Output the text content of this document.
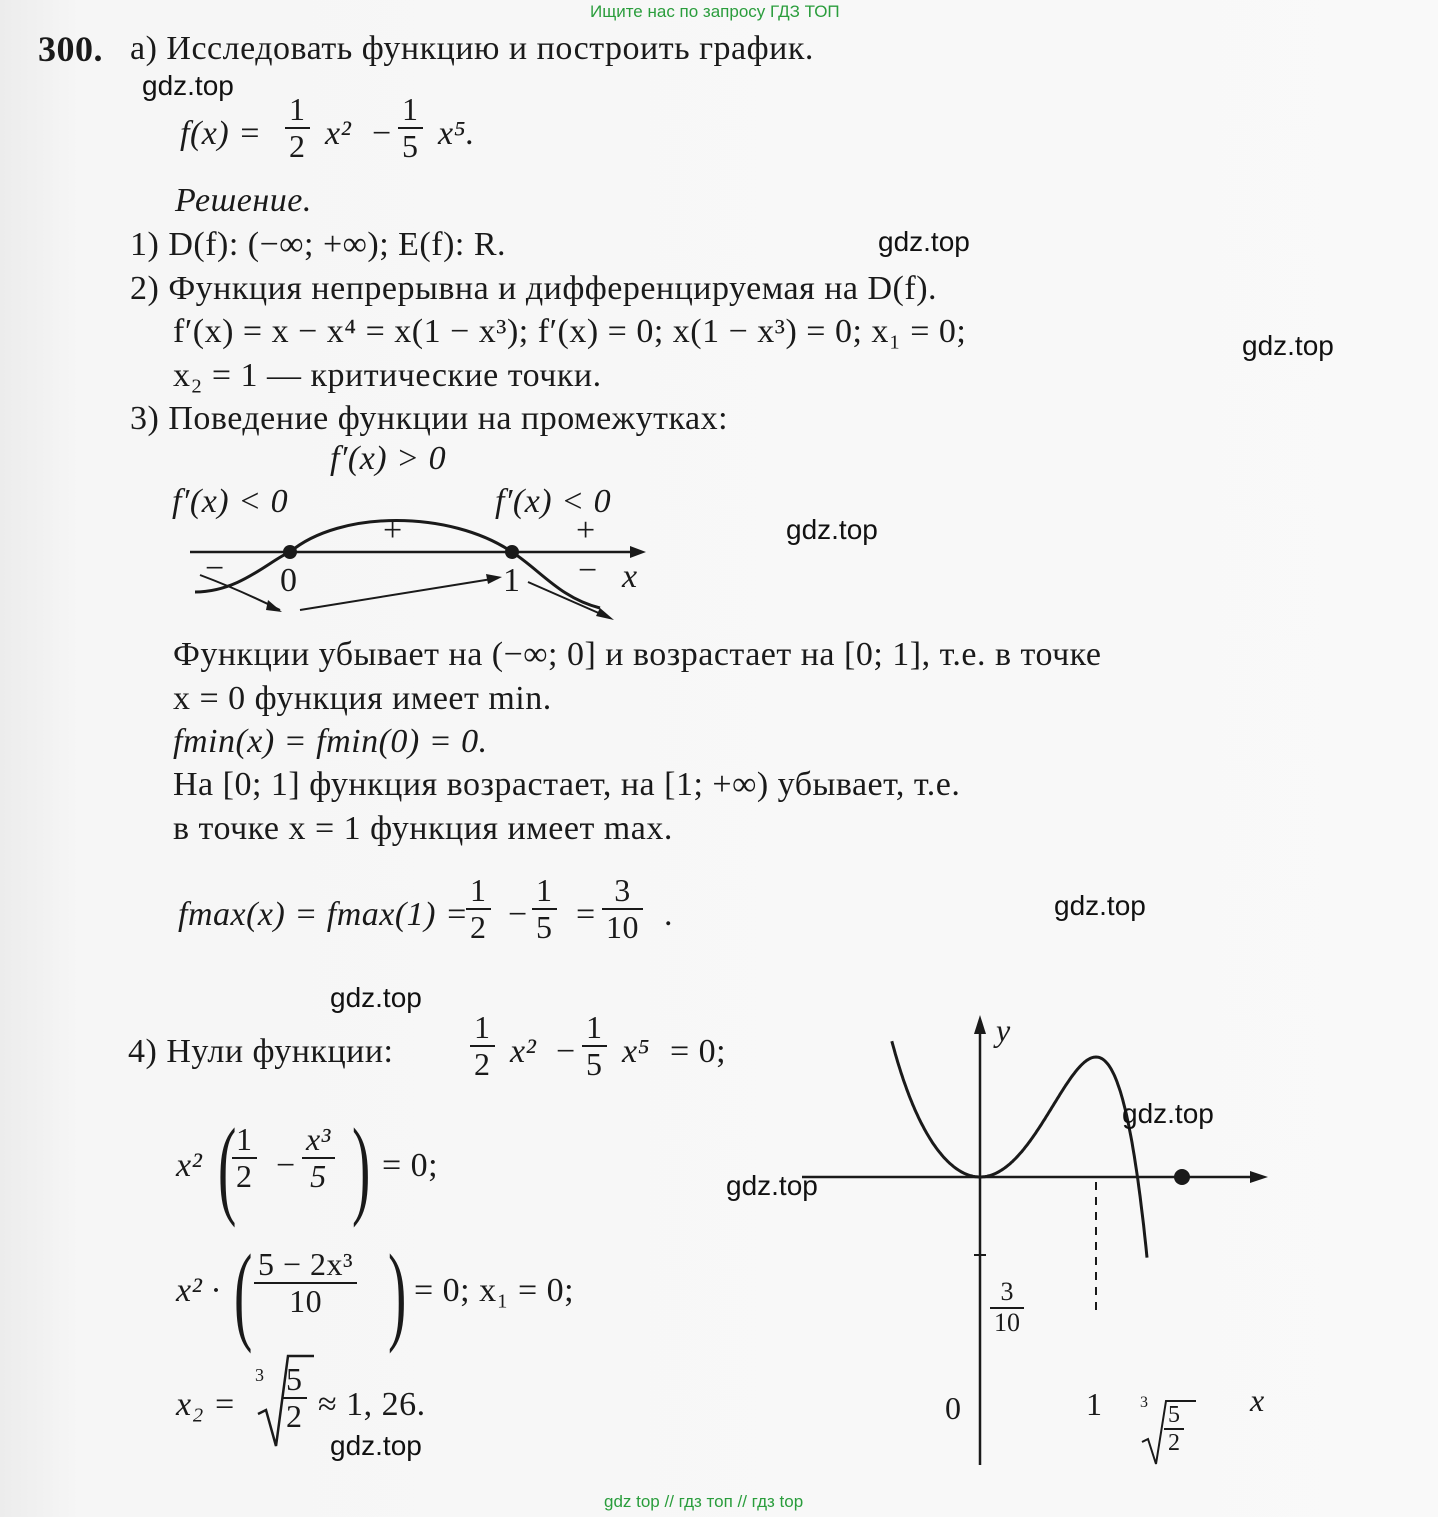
Ищите нас по запросу ГДЗ ТОП
300. а) Исследовать функцию и построить график.
$f(x) = \frac{1}{2} x^2 - \frac{1}{5} x^5$.
Решение.
1) D(f): (−∞; +∞); E(f): R.
2) Функция непрерывна и дифференцируемая на D(f).
f′(x) = x − x⁴ = x(1 − x³); f′(x) = 0; x(1 − x³) = 0; x₁ = 0;
x₂ = 1 — критические точки.
3) Поведение функции на промежутках:
f′(x) > 0
f′(x) < 0	f′(x) < 0
+	+
−	−
0	1	x
Функции убывает на (−∞; 0] и возрастает на [0; 1], т.е. в точке
x = 0 функция имеет min.
fmin(x) = fmin(0) = 0.
На [0; 1] функция возрастает, на [1; +∞) убывает, т.е.
в точке x = 1 функция имеет max.
fmax(x) = fmax(1) =
$\frac{1}{2} - \frac{1}{5} = \frac{3}{10}$ .
4) Нули функции: $\frac{1}{2} x^2 - \frac{1}{5} x^5 = 0$;
x² (
$\frac{1}{2} - \frac{\text{x³}}{5}$ ) = 0;
x² · ( $\frac{\text{5 − 2x³}}{10}$ ) = 0; x₁ = 0;
x₂ =
$3 \frac{5}{2} \approx 1$, 26.
y
x
0	1
$\frac{3}{10}$
$3 \frac{5}{2}$
gdz.top
gdz.top
gdz.top
gdz.top
gdz.top
gdz.top
gdz.top
gdz.top
gdz.top
gdz top // гдз топ // гдз top
